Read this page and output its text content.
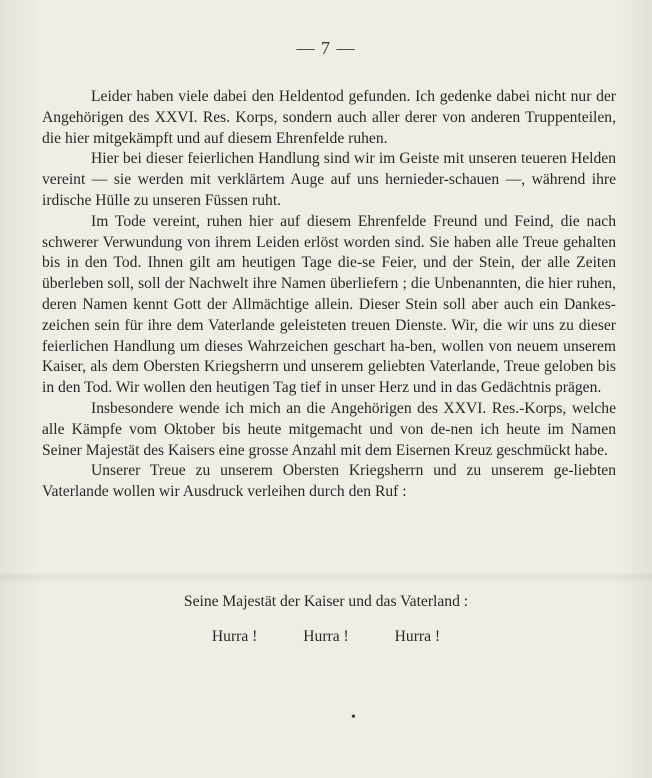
— 7 —

Leider haben viele dabei den Heldentod gefunden. Ich gedenke dabei nicht nur der Angehörigen des XXVI. Res. Korps, sondern auch aller derer von anderen Truppenteilen, die hier mitgekämpft und auf diesem Ehrenfelde ruhen.

Hier bei dieser feierlichen Handlung sind wir im Geiste mit unseren teueren Helden vereint — sie werden mit verklärtem Auge auf uns hernieder-schauen —, während ihre irdische Hülle zu unseren Füssen ruht.

Im Tode vereint, ruhen hier auf diesem Ehrenfelde Freund und Feind, die nach schwerer Verwundung von ihrem Leiden erlöst worden sind. Sie haben alle Treue gehalten bis in den Tod. Ihnen gilt am heutigen Tage die-se Feier, und der Stein, der alle Zeiten überleben soll, soll der Nachwelt ihre Namen überliefern ; die Unbenannten, die hier ruhen, deren Namen kennt Gott der Allmächtige allein. Dieser Stein soll aber auch ein Dankes-zeichen sein für ihre dem Vaterlande geleisteten treuen Dienste. Wir, die wir uns zu dieser feierlichen Handlung um dieses Wahrzeichen geschart ha-ben, wollen von neuem unserem Kaiser, als dem Obersten Kriegsherrn und unserem geliebten Vaterlande, Treue geloben bis in den Tod. Wir wollen den heutigen Tag tief in unser Herz und in das Gedächtnis prägen.

Insbesondere wende ich mich an die Angehörigen des XXVI. Res.-Korps, welche alle Kämpfe vom Oktober bis heute mitgemacht und von de-nen ich heute im Namen Seiner Majestät des Kaisers eine grosse Anzahl mit dem Eisernen Kreuz geschmückt habe.

Unserer Treue zu unserem Obersten Kriegsherrn und zu unserem ge-liebten Vaterlande wollen wir Ausdruck verleihen durch den Ruf :

Seine Majestät der Kaiser und das Vaterland :
Hurra !	Hurra !	Hurra !
•
